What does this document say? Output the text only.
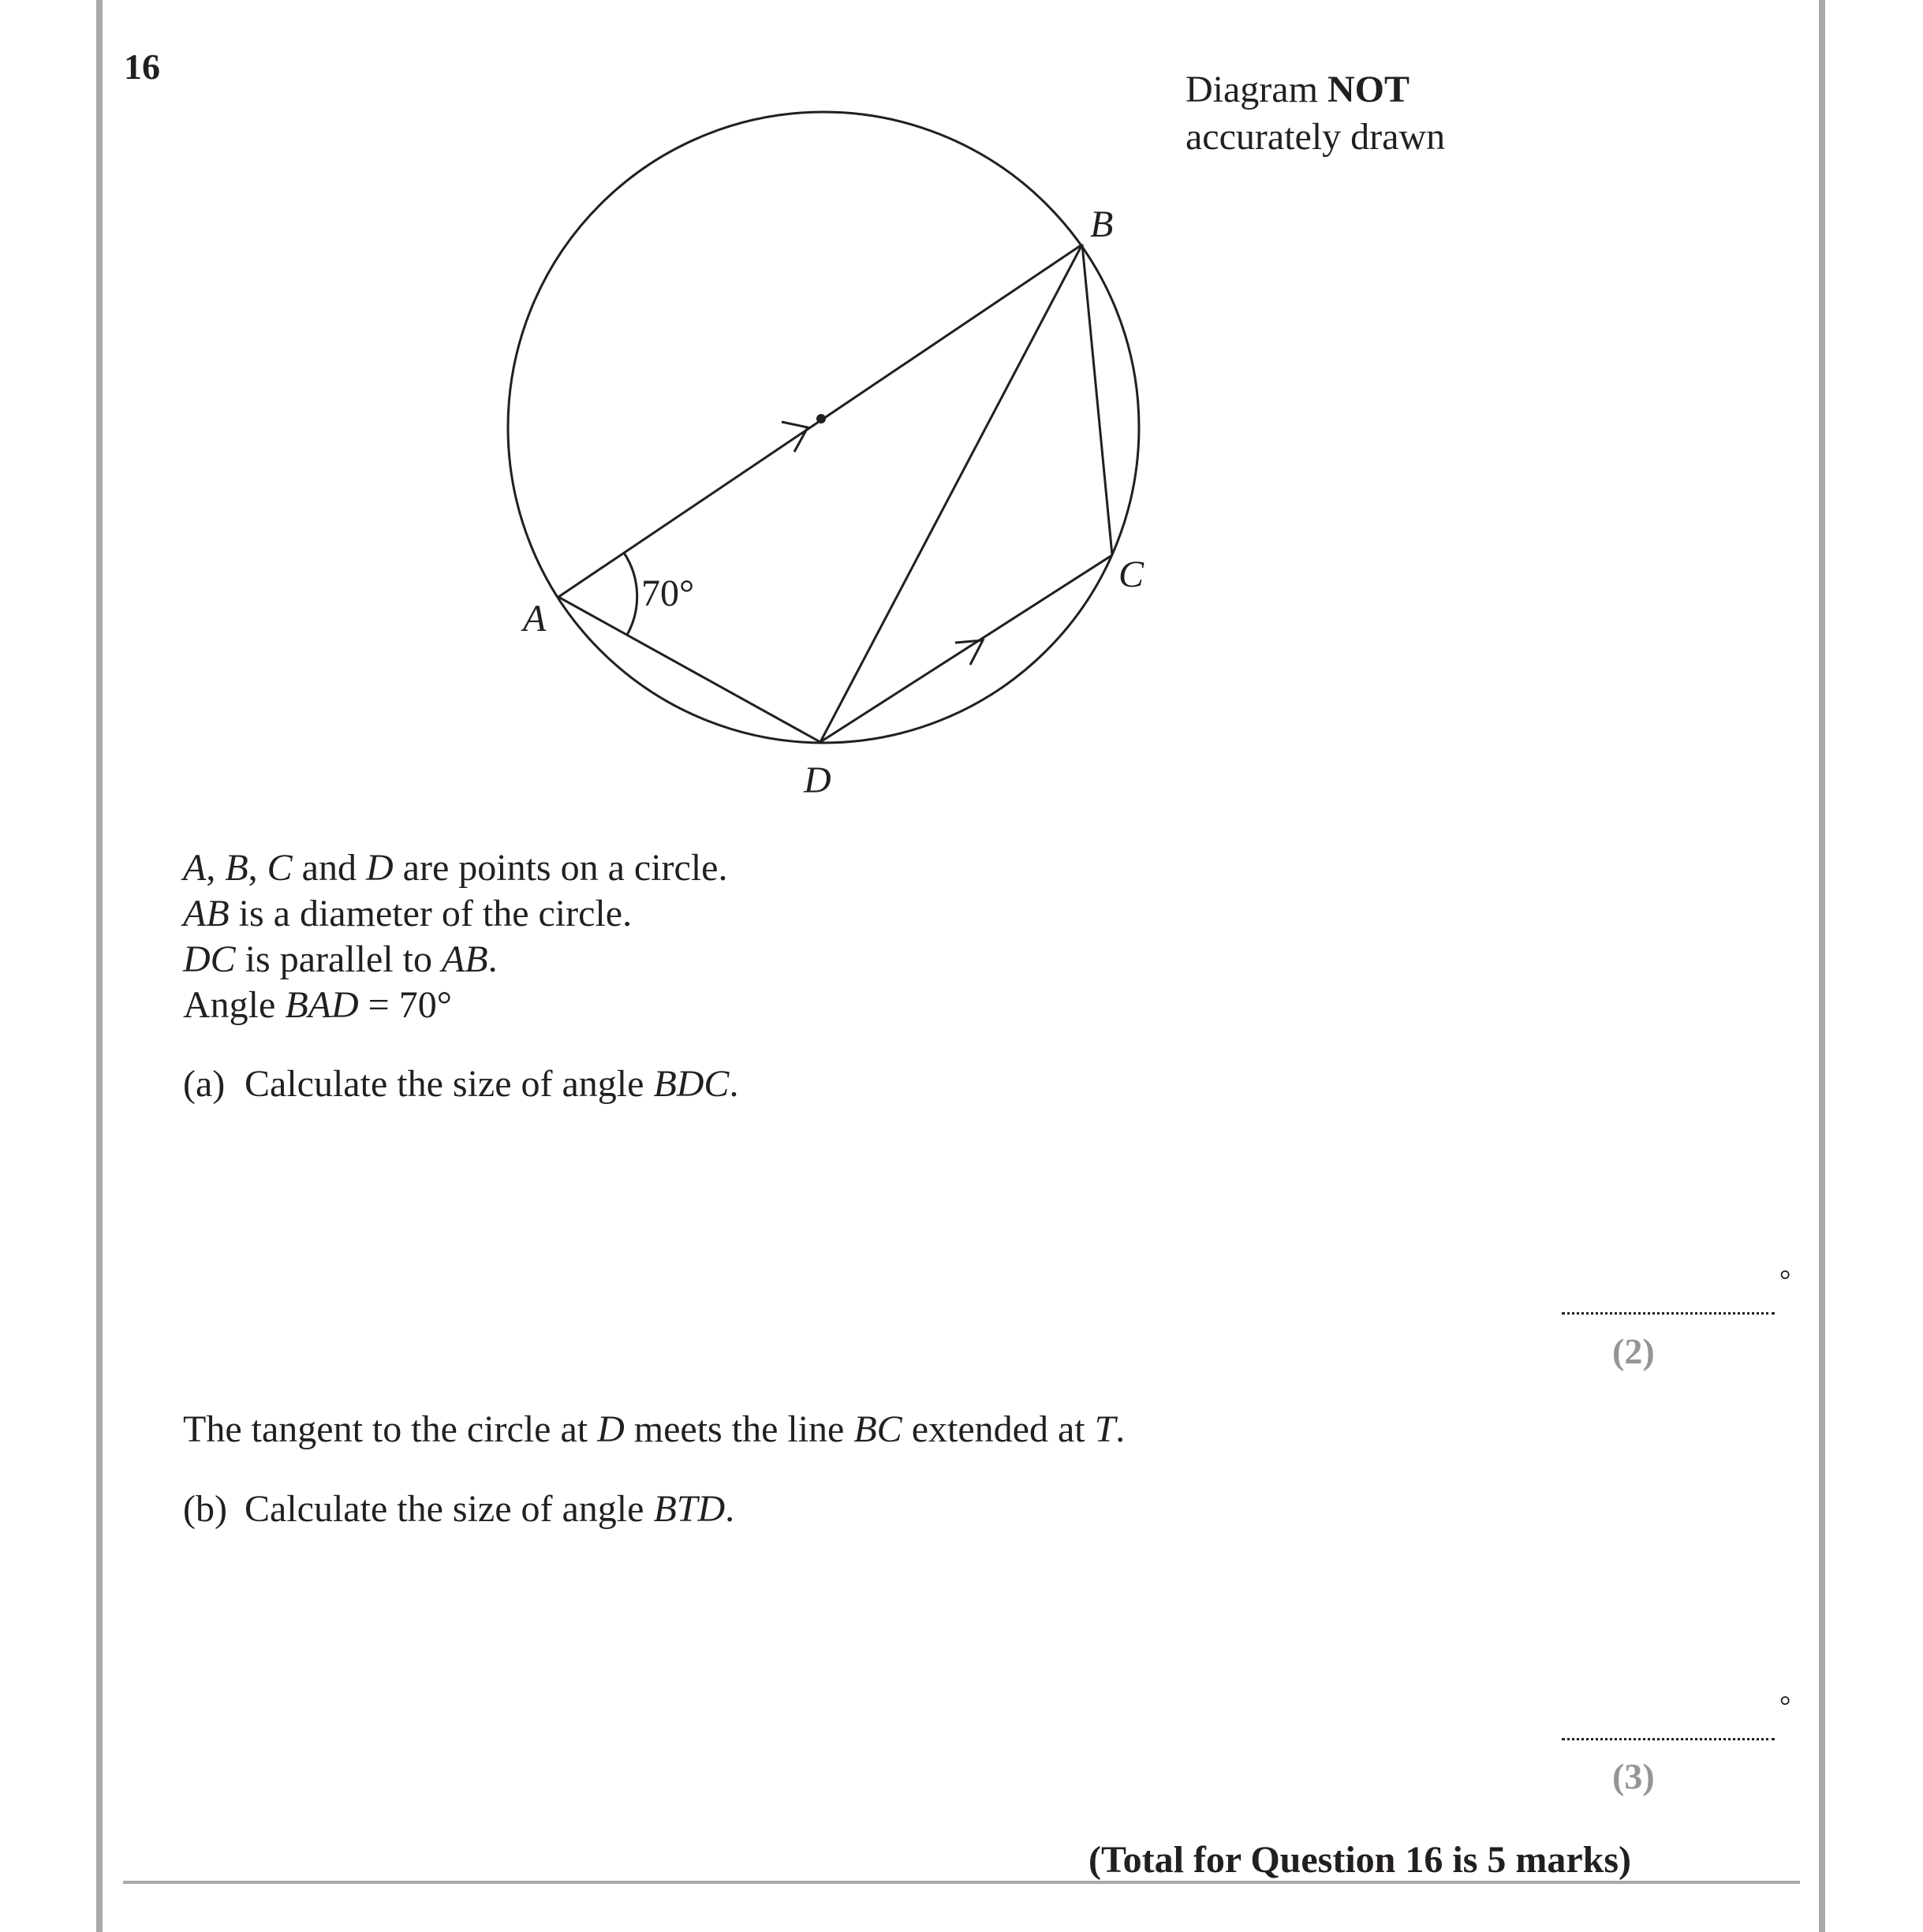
16
Diagram NOT
accurately drawn
A
B
C
D
70°
A, B, C and D are points on a circle.
AB is a diameter of the circle.
DC is parallel to AB.
Angle BAD = 70°
(a) Calculate the size of angle BDC.
°
(2)
The tangent to the circle at D meets the line BC extended at T.
(b) Calculate the size of angle BTD.
°
(3)
(Total for Question 16 is 5 marks)
